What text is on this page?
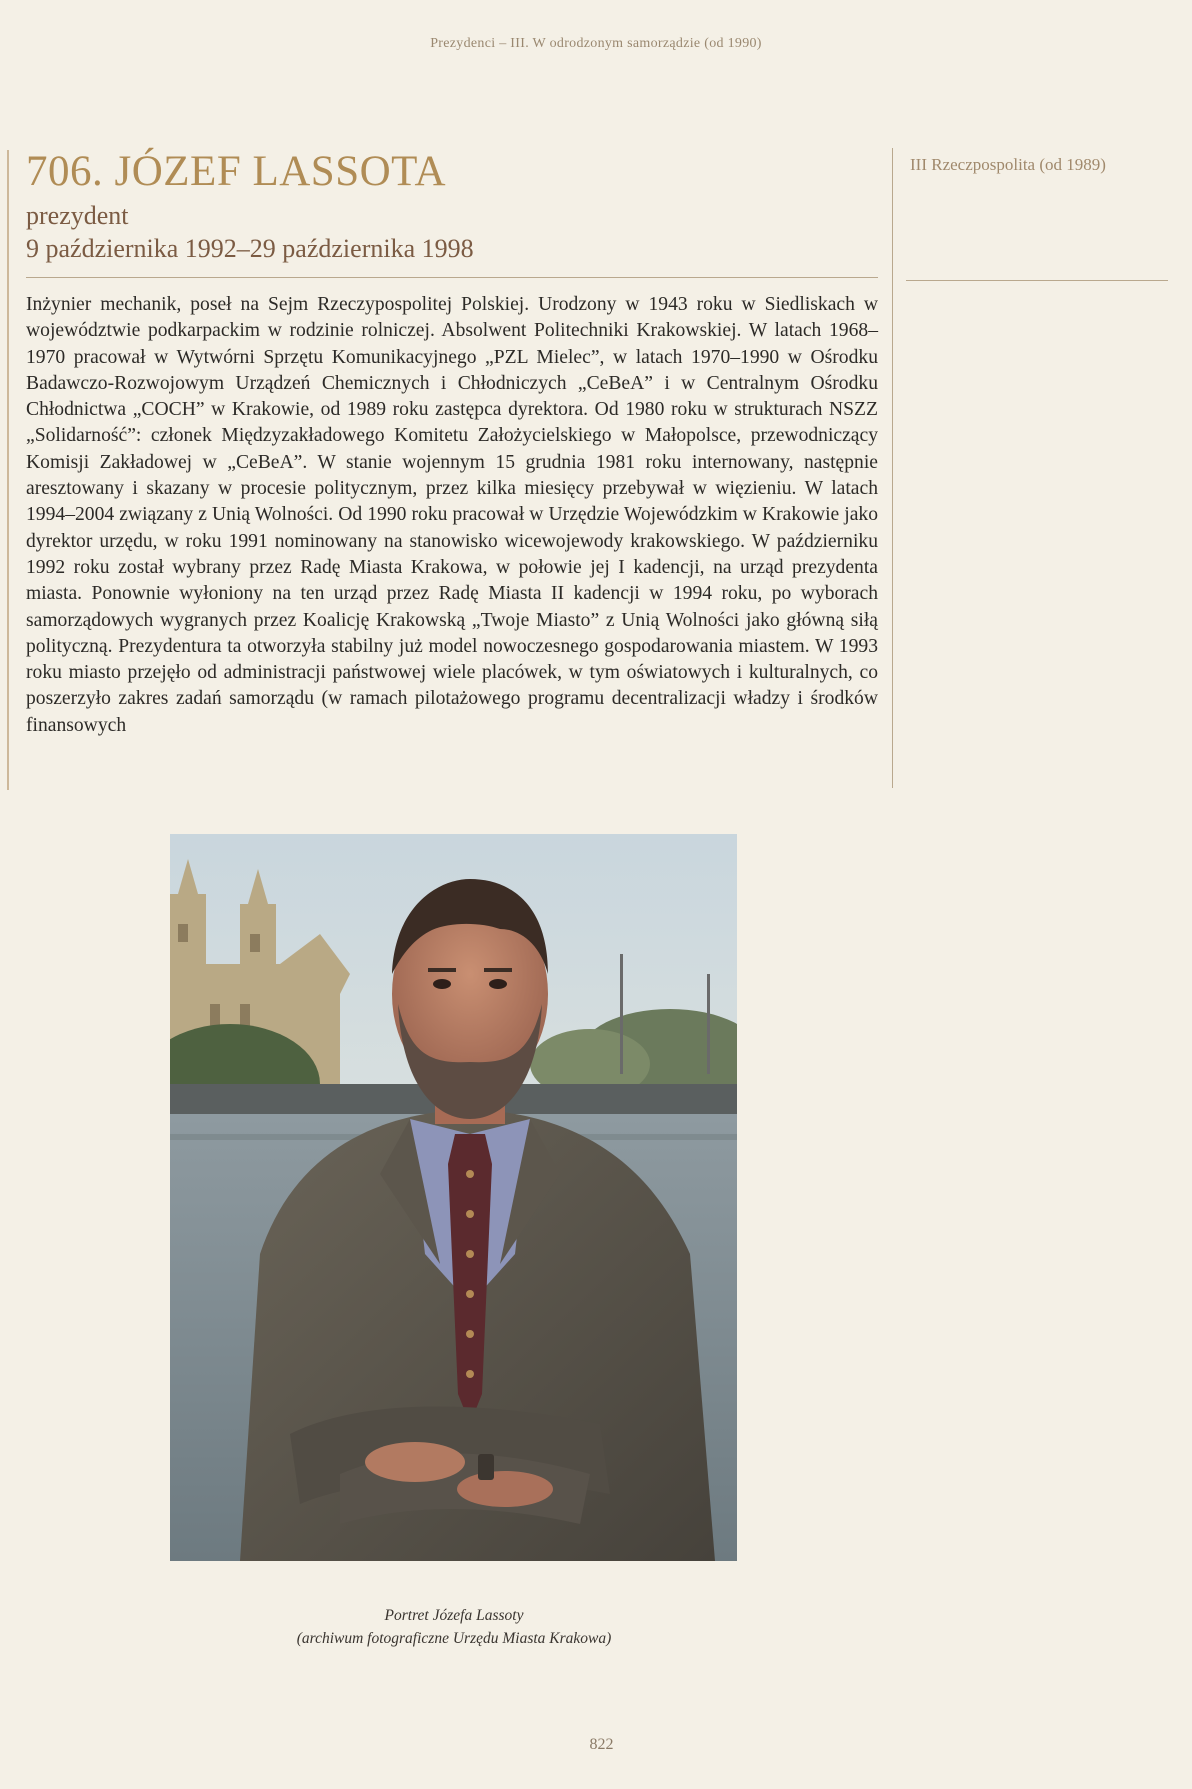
Prezydenci – III. W odrodzonym samorządzie (od 1990)
III Rzeczpospolita (od 1989)
706. JÓZEF LASSOTA
prezydent
9 października 1992–29 października 1998

Inżynier mechanik, poseł na Sejm Rzeczypospolitej Polskiej. Urodzony w 1943 roku w Siedliskach w województwie podkarpackim w rodzinie rolniczej. Absolwent Politechniki Krakowskiej. W latach 1968–1970 pracował w Wytwórni Sprzętu Komunikacyjnego „PZL Mielec”, w latach 1970–1990 w Ośrodku Badawczo-Rozwojowym Urządzeń Chemicznych i Chłodniczych „CeBeA” i w Centralnym Ośrodku Chłodnictwa „COCH” w Krakowie, od 1989 roku zastępca dyrektora. Od 1980 roku w strukturach NSZZ „Solidarność”: członek Międzyzakładowego Komitetu Założycielskiego w Małopolsce, przewodniczący Komisji Zakładowej w „CeBeA”. W stanie wojennym 15 grudnia 1981 roku internowany, następnie aresztowany i skazany w procesie politycznym, przez kilka miesięcy przebywał w więzieniu. W latach 1994–2004 związany z Unią Wolności. Od 1990 roku pracował w Urzędzie Wojewódzkim w Krakowie jako dyrektor urzędu, w roku 1991 nominowany na stanowisko wicewojewody krakowskiego. W październiku 1992 roku został wybrany przez Radę Miasta Krakowa, w połowie jej I kadencji, na urząd prezydenta miasta. Ponownie wyłoniony na ten urząd przez Radę Miasta II kadencji w 1994 roku, po wyborach samorządowych wygranych przez Koalicję Krakowską „Twoje Miasto” z Unią Wolności jako główną siłą polityczną. Prezydentura ta otworzyła stabilny już model nowoczesnego gospodarowania miastem. W 1993 roku miasto przejęło od administracji państwowej wiele placówek, w tym oświatowych i kulturalnych, co poszerzyło zakres zadań samorządu (w ramach pilotażowego programu decentralizacji władzy i środków finansowych

Portret Józefa Lassoty
(archiwum fotograficzne Urzędu Miasta Krakowa)
822
